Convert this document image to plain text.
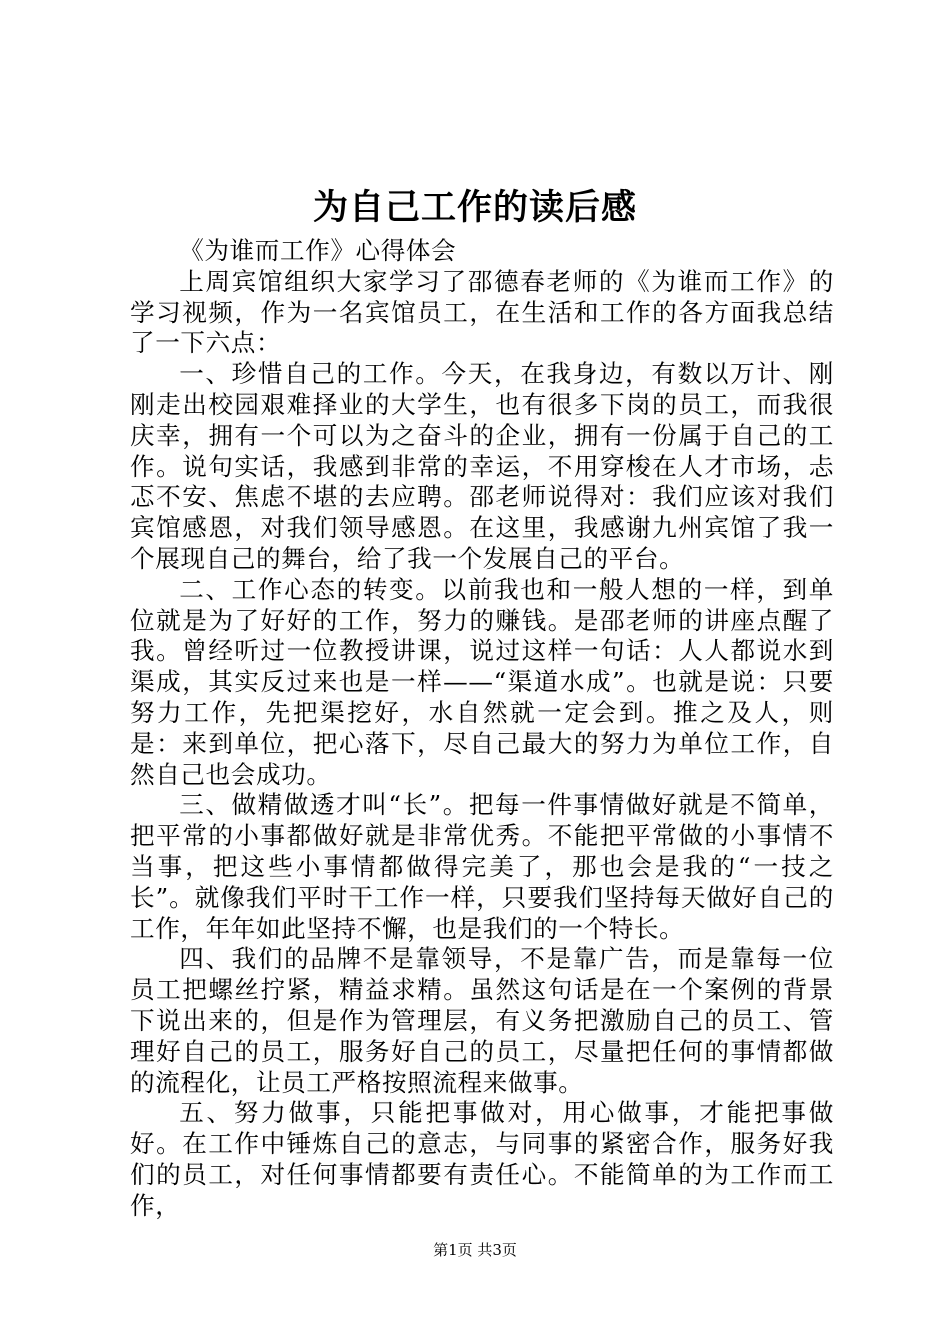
为自己工作的读后感

《为谁而工作》心得体会

上周宾馆组织大家学习了邵德春老师的《为谁而工作》的学习视频，作为一名宾馆员工，在生活和工作的各方面我总结了一下六点：

一、珍惜自己的工作。今天，在我身边，有数以万计、刚刚走出校园艰难择业的大学生，也有很多下岗的员工，而我很庆幸，拥有一个可以为之奋斗的企业，拥有一份属于自己的工作。说句实话，我感到非常的幸运，不用穿梭在人才市场，忐忑不安、焦虑不堪的去应聘。邵老师说得对：我们应该对我们宾馆感恩，对我们领导感恩。在这里，我感谢九州宾馆了我一个展现自己的舞台，给了我一个发展自己的平台。

二、工作心态的转变。以前我也和一般人想的一样，到单位就是为了好好的工作，努力的赚钱。是邵老师的讲座点醒了我。曾经听过一位教授讲课，说过这样一句话：人人都说水到渠成，其实反过来也是一样——“渠道水成”。也就是说：只要努力工作，先把渠挖好，水自然就一定会到。推之及人，则是：来到单位，把心落下，尽自己最大的努力为单位工作，自然自己也会成功。

三、做精做透才叫“长”。把每一件事情做好就是不简单，把平常的小事都做好就是非常优秀。不能把平常做的小事情不当事，把这些小事情都做得完美了，那也会是我的“一技之长”。就像我们平时干工作一样，只要我们坚持每天做好自己的工作，年年如此坚持不懈，也是我们的一个特长。

四、我们的品牌不是靠领导，不是靠广告，而是靠每一位员工把螺丝拧紧，精益求精。虽然这句话是在一个案例的背景下说出来的，但是作为管理层，有义务把激励自己的员工、管理好自己的员工，服务好自己的员工，尽量把任何的事情都做的流程化，让员工严格按照流程来做事。

五、努力做事，只能把事做对，用心做事，才能把事做好。在工作中锤炼自己的意志，与同事的紧密合作，服务好我们的员工，对任何事情都要有责任心。不能简单的为工作而工作，

第1页 共3页
